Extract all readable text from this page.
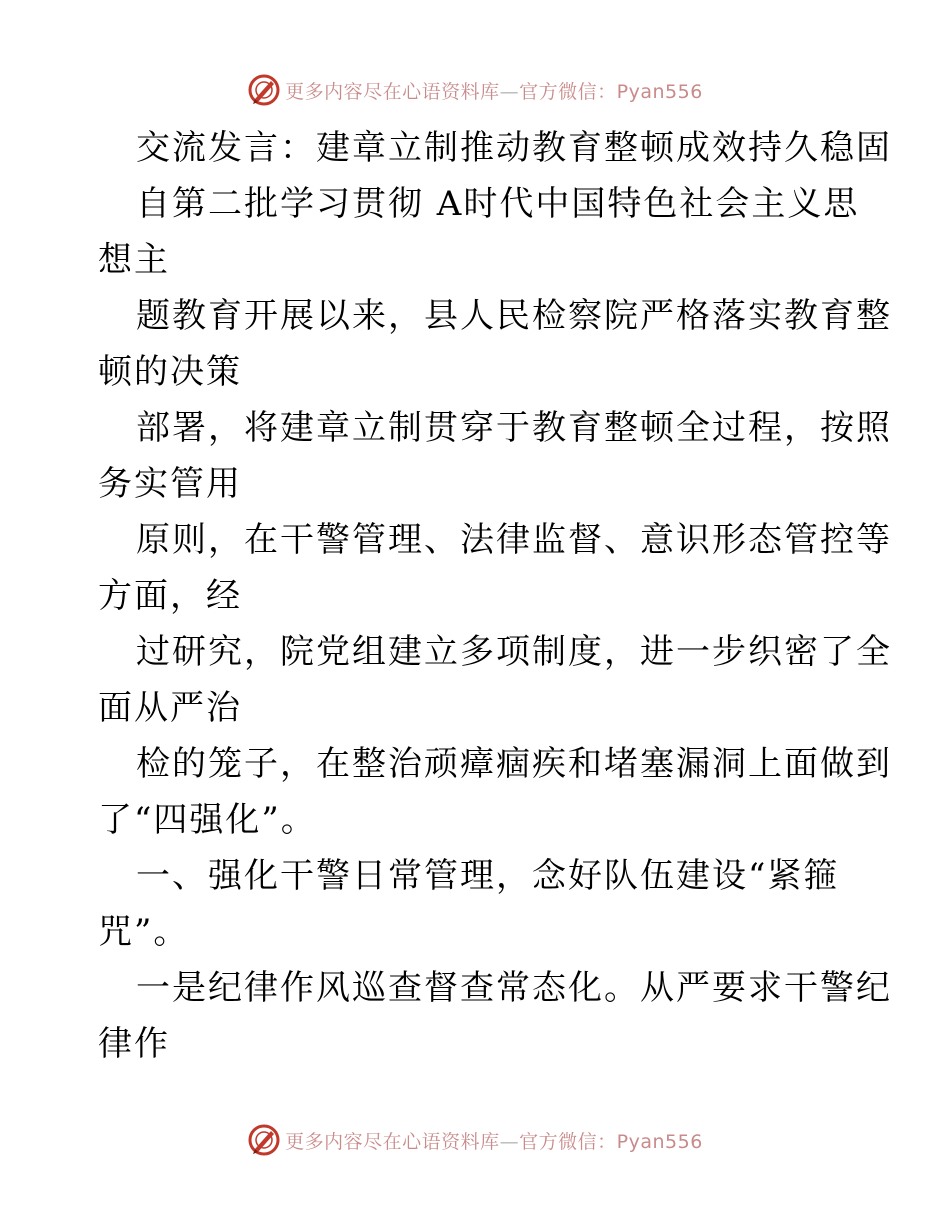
更多内容尽在心语资料库—官方微信：Pyan556
交流发言：建章立制推动教育整顿成效持久稳固
自第二批学习贯彻 A时代中国特色社会主义思
想主
题教育开展以来，县人民检察院严格落实教育整
顿的决策
部署，将建章立制贯穿于教育整顿全过程，按照
务实管用
原则，在干警管理、法律监督、意识形态管控等
方面，经
过研究，院党组建立多项制度，进一步织密了全
面从严治
检的笼子，在整治顽瘴痼疾和堵塞漏洞上面做到
了“四强化”。
一、强化干警日常管理，念好队伍建设“紧箍
咒”。
一是纪律作风巡查督查常态化。从严要求干警纪
律作
更多内容尽在心语资料库—官方微信：Pyan556
